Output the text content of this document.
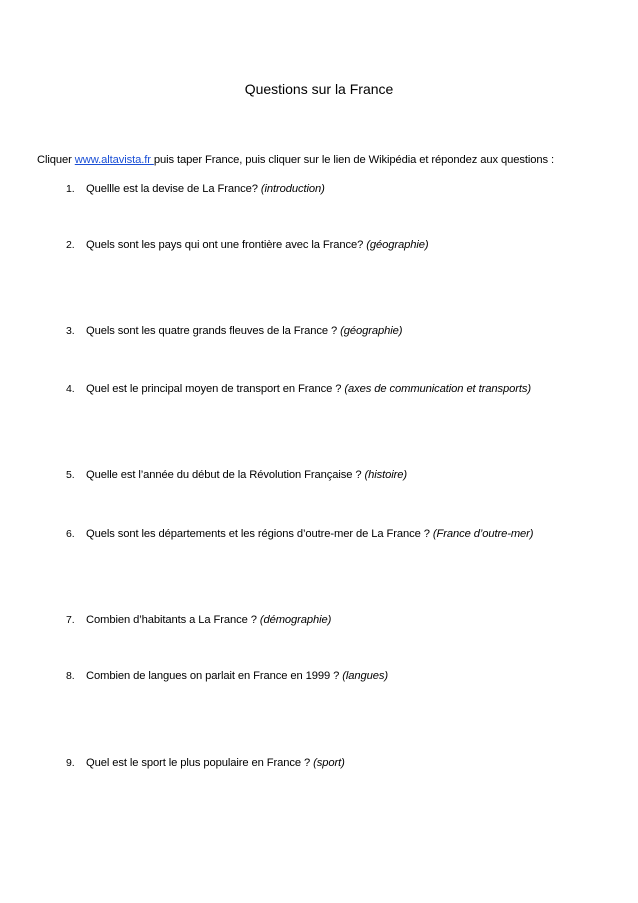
Questions sur la France
Cliquer www.altavista.fr puis taper France, puis cliquer sur le lien de Wikipédia et répondez aux questions :
1. Quellle est la devise de La France? (introduction)
2. Quels sont les pays qui ont une frontière avec la France? (géographie)
3. Quels sont les quatre grands fleuves de la France ? (géographie)
4. Quel est le principal moyen de transport en France ? (axes de communication et transports)
5. Quelle est l’année du début de la Révolution Française ? (histoire)
6. Quels sont les départements et les régions d’outre-mer de La France ? (France d’outre-mer)
7. Combien d’habitants a La France ? (démographie)
8. Combien de langues on parlait en France en 1999 ? (langues)
9. Quel est le sport le plus populaire en France ? (sport)
